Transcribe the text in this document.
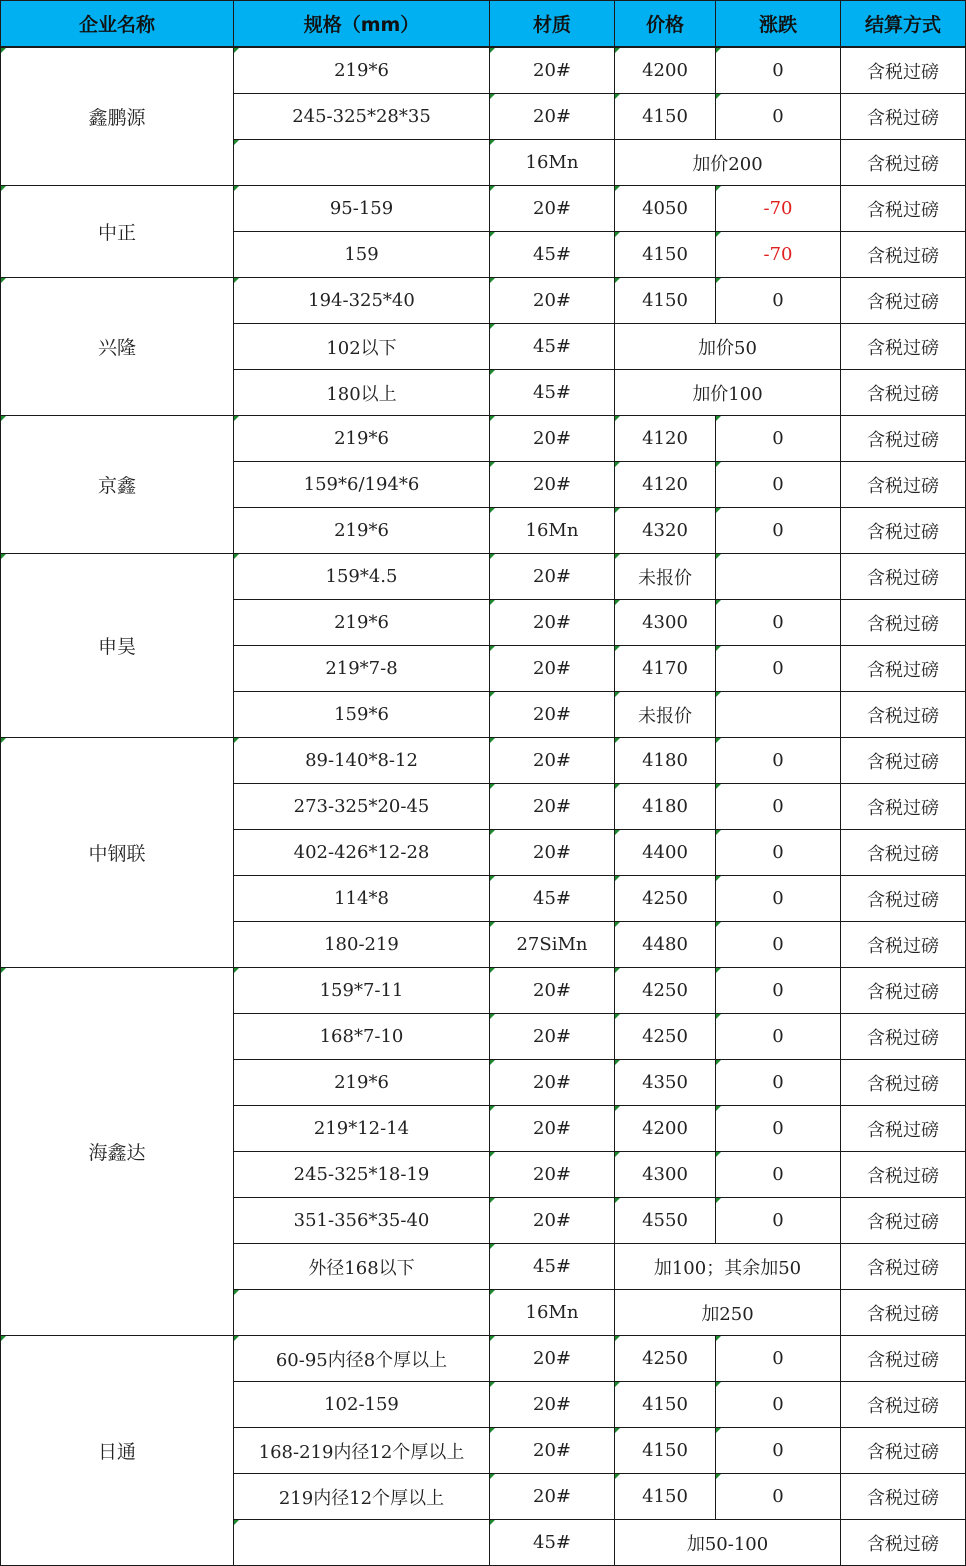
企业名称	规格（mm）	材质	价格	涨跌	结算方式
鑫鹏源	219*6	20#	4200	0	含税过磅
	245-325*28*35	20#	4150	0	含税过磅
		16Mn	加价200		含税过磅
中正	95-159	20#	4050	-70	含税过磅
	159	45#	4150	-70	含税过磅
兴隆	194-325*40	20#	4150	0	含税过磅
	102以下	45#	加价50		含税过磅
	180以上	45#	加价100		含税过磅
京鑫	219*6	20#	4120	0	含税过磅
	159*6/194*6	20#	4120	0	含税过磅
	219*6	16Mn	4320	0	含税过磅
申昊	159*4.5	20#	未报价		含税过磅
	219*6	20#	4300	0	含税过磅
	219*7-8	20#	4170	0	含税过磅
	159*6	20#	未报价		含税过磅
中钢联	89-140*8-12	20#	4180	0	含税过磅
	273-325*20-45	20#	4180	0	含税过磅
	402-426*12-28	20#	4400	0	含税过磅
	114*8	45#	4250	0	含税过磅
	180-219	27SiMn	4480	0	含税过磅
海鑫达	159*7-11	20#	4250	0	含税过磅
	168*7-10	20#	4250	0	含税过磅
	219*6	20#	4350	0	含税过磅
	219*12-14	20#	4200	0	含税过磅
	245-325*18-19	20#	4300	0	含税过磅
	351-356*35-40	20#	4550	0	含税过磅
	外径168以下	45#	加100；其余加50		含税过磅
		16Mn	加250		含税过磅
日通	60-95内径8个厚以上	20#	4250	0	含税过磅
	102-159	20#	4150	0	含税过磅
	168-219内径12个厚以上	20#	4150	0	含税过磅
	219内径12个厚以上	20#	4150	0	含税过磅
		45#	加50-100		含税过磅
